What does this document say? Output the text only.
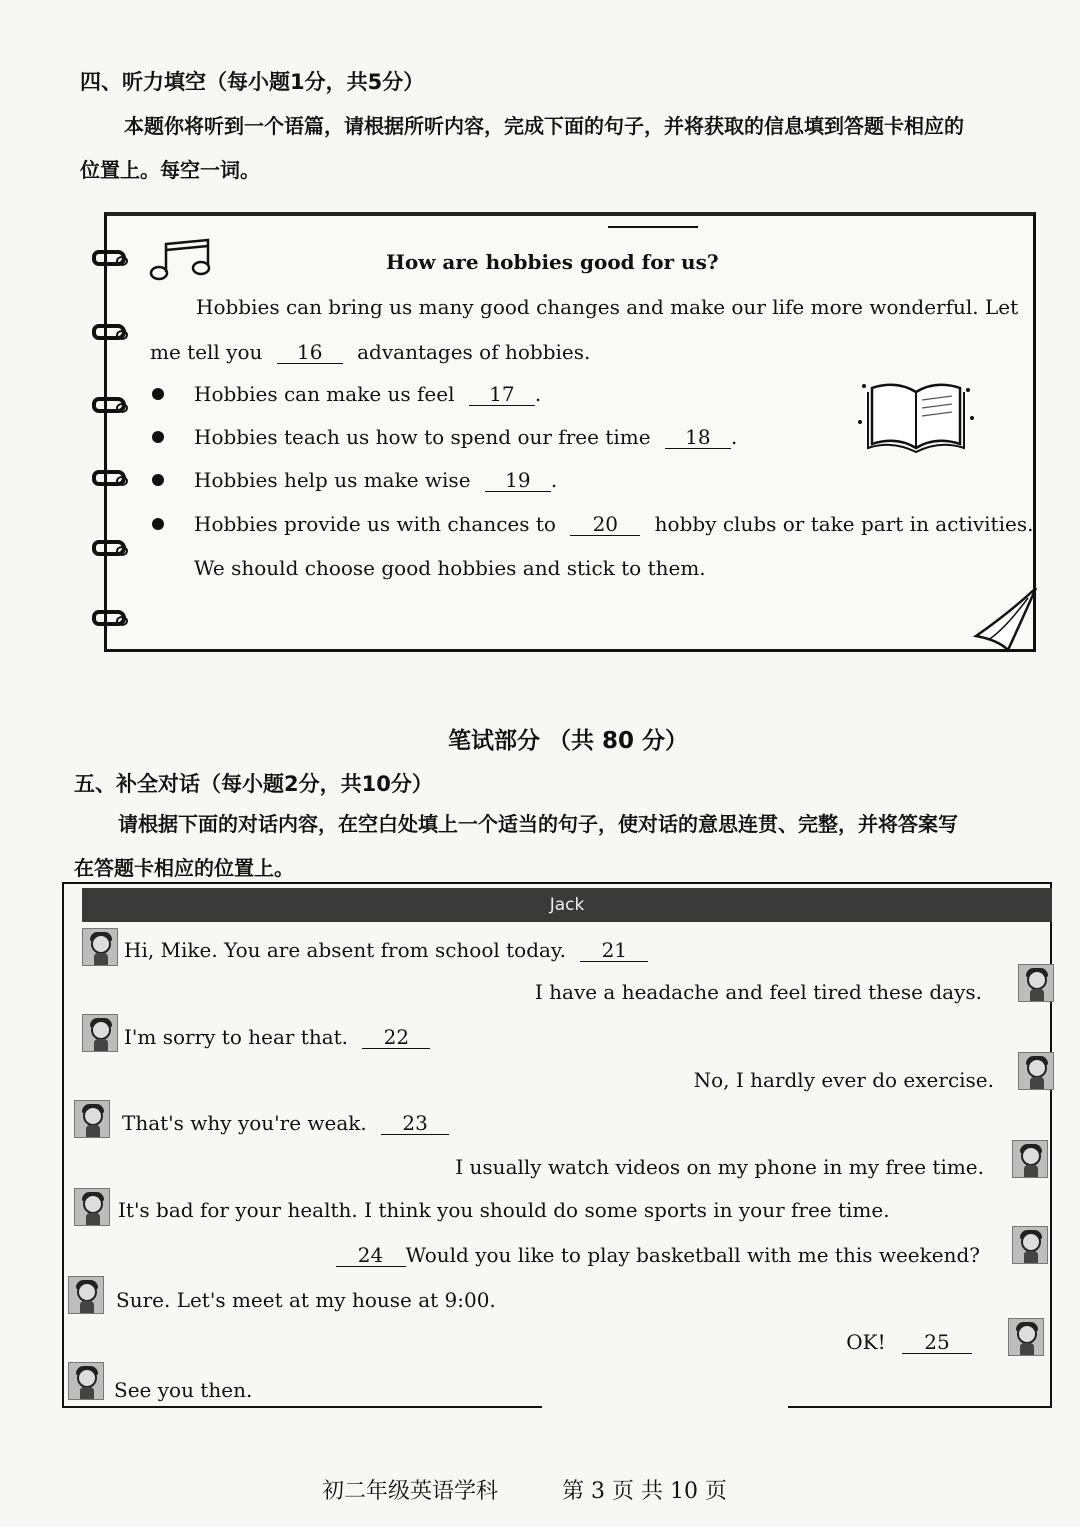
四、听力填空（每小题1分，共5分）
本题你将听到一个语篇，请根据所听内容，完成下面的句子，并将获取的信息填到答题卡相应的
位置上。每空一词。
How are hobbies good for us?
Hobbies can bring us many good changes and make our life more wonderful. Let
me tell you 16 advantages of hobbies.
Hobbies can make us feel 17 .
Hobbies teach us how to spend our free time 18 .
Hobbies help us make wise 19 .
Hobbies provide us with chances to 20 hobby clubs or take part in activities.
We should choose good hobbies and stick to them.
笔试部分 （共 80 分）
五、补全对话（每小题2分，共10分）
请根据下面的对话内容，在空白处填上一个适当的句子，使对话的意思连贯、完整，并将答案写
在答题卡相应的位置上。
Jack
Hi, Mike. You are absent from school today. 21
I have a headache and feel tired these days.
I'm sorry to hear that. 22
No, I hardly ever do exercise.
That's why you're weak. 23
I usually watch videos on my phone in my free time.
It's bad for your health. I think you should do some sports in your free time.
24 Would you like to play basketball with me this weekend?
Sure. Let's meet at my house at 9:00.
OK! 25
See you then.
初二年级英语学科	第 3 页 共 10 页
